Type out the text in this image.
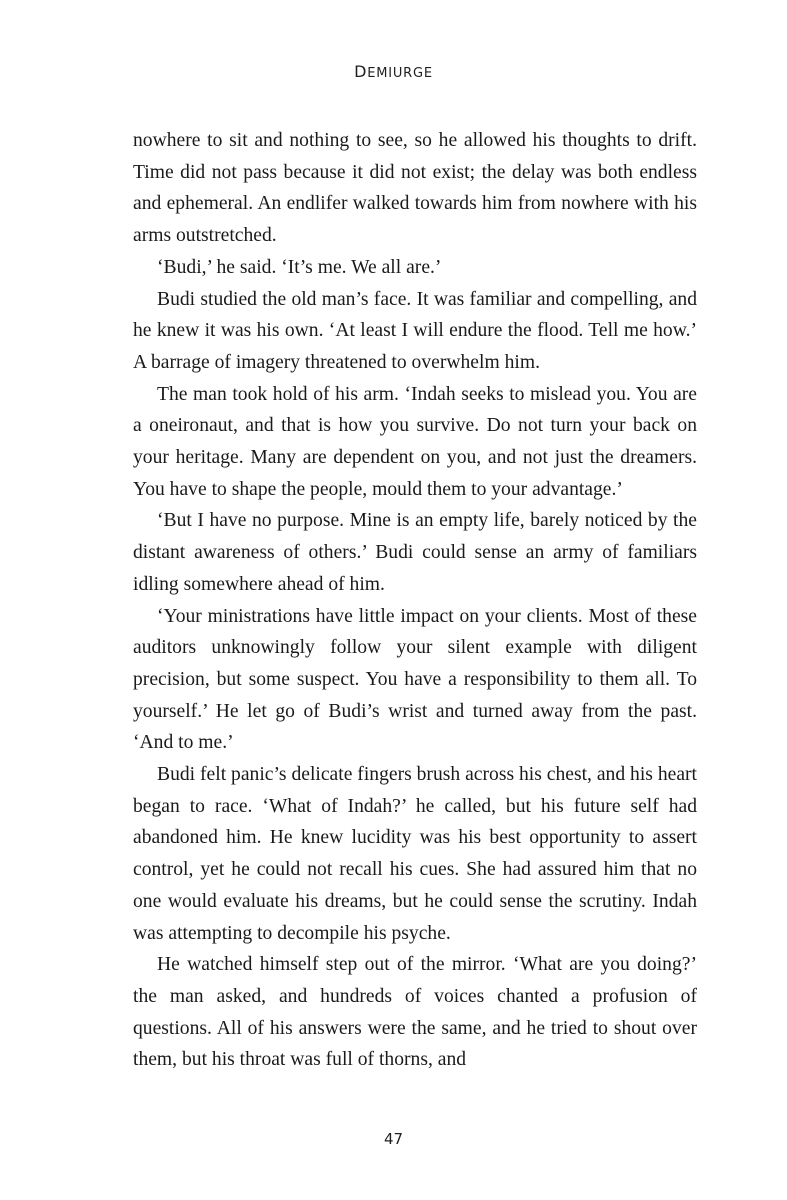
DEMIURGE

nowhere to sit and nothing to see, so he allowed his thoughts to drift. Time did not pass because it did not exist; the delay was both endless and ephemeral. An endlifer walked towards him from nowhere with his arms outstretched.

‘Budi,’ he said. ‘It’s me. We all are.’

Budi studied the old man’s face. It was familiar and compelling, and he knew it was his own. ‘At least I will endure the flood. Tell me how.’ A barrage of imagery threatened to overwhelm him.

The man took hold of his arm. ‘Indah seeks to mislead you. You are a oneironaut, and that is how you survive. Do not turn your back on your heritage. Many are dependent on you, and not just the dreamers. You have to shape the people, mould them to your advantage.’

‘But I have no purpose. Mine is an empty life, barely noticed by the distant awareness of others.’ Budi could sense an army of familiars idling somewhere ahead of him.

‘Your ministrations have little impact on your clients. Most of these auditors unknowingly follow your silent example with diligent precision, but some suspect. You have a responsibility to them all. To yourself.’ He let go of Budi’s wrist and turned away from the past. ‘And to me.’

Budi felt panic’s delicate fingers brush across his chest, and his heart began to race. ‘What of Indah?’ he called, but his future self had abandoned him. He knew lucidity was his best opportunity to assert control, yet he could not recall his cues. She had assured him that no one would evaluate his dreams, but he could sense the scrutiny. Indah was attempting to decompile his psyche.

He watched himself step out of the mirror. ‘What are you doing?’ the man asked, and hundreds of voices chanted a profusion of questions. All of his answers were the same, and he tried to shout over them, but his throat was full of thorns, and

47
